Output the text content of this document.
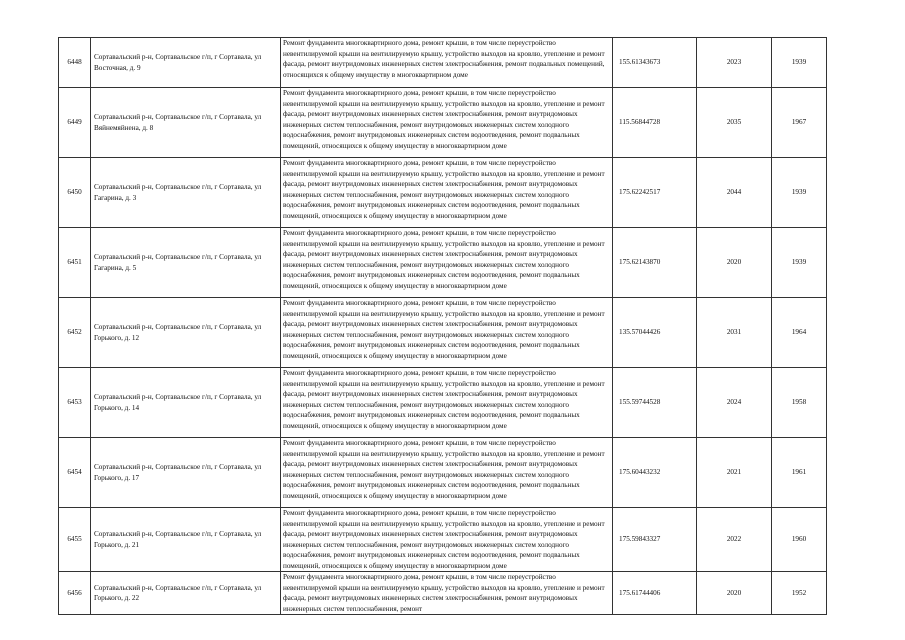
6448	Сортавальский р-н, Сортавальское г/п, г Сортавала, ул Восточная, д. 9	Ремонт фундамента многоквартирного дома, ремонт крыши, в том числе переустройство невентилируемой крыши на вентилируемую крышу, устройство выходов на кровлю, утепление и ремонт фасада, ремонт внутридомовых инженерных систем электроснабжения, ремонт подвальных помещений, относящихся к общему имуществу в многоквартирном доме	155.61343673	2023	1939
6449	Сортавальский р-н, Сортавальское г/п, г Сортавала, ул Вяйнемяйнена, д. 8	Ремонт фундамента многоквартирного дома, ремонт крыши, в том числе переустройство невентилируемой крыши на вентилируемую крышу, устройство выходов на кровлю, утепление и ремонт фасада, ремонт внутридомовых инженерных систем электроснабжения, ремонт внутридомовых инженерных систем теплоснабжения, ремонт внутридомовых инженерных систем холодного водоснабжения, ремонт внутридомовых инженерных систем водоотведения, ремонт подвальных помещений, относящихся к общему имуществу в многоквартирном доме	115.56844728	2035	1967
6450	Сортавальский р-н, Сортавальское г/п, г Сортавала, ул Гагарина, д. 3	Ремонт фундамента многоквартирного дома, ремонт крыши, в том числе переустройство невентилируемой крыши на вентилируемую крышу, устройство выходов на кровлю, утепление и ремонт фасада, ремонт внутридомовых инженерных систем электроснабжения, ремонт внутридомовых инженерных систем теплоснабжения, ремонт внутридомовых инженерных систем холодного водоснабжения, ремонт внутридомовых инженерных систем водоотведения, ремонт подвальных помещений, относящихся к общему имуществу в многоквартирном доме	175.62242517	2044	1939
6451	Сортавальский р-н, Сортавальское г/п, г Сортавала, ул Гагарина, д. 5	Ремонт фундамента многоквартирного дома, ремонт крыши, в том числе переустройство невентилируемой крыши на вентилируемую крышу, устройство выходов на кровлю, утепление и ремонт фасада, ремонт внутридомовых инженерных систем электроснабжения, ремонт внутридомовых инженерных систем теплоснабжения, ремонт внутридомовых инженерных систем холодного водоснабжения, ремонт внутридомовых инженерных систем водоотведения, ремонт подвальных помещений, относящихся к общему имуществу в многоквартирном доме	175.62143870	2020	1939
6452	Сортавальский р-н, Сортавальское г/п, г Сортавала, ул Горького, д. 12	Ремонт фундамента многоквартирного дома, ремонт крыши, в том числе переустройство невентилируемой крыши на вентилируемую крышу, устройство выходов на кровлю, утепление и ремонт фасада, ремонт внутридомовых инженерных систем электроснабжения, ремонт внутридомовых инженерных систем теплоснабжения, ремонт внутридомовых инженерных систем холодного водоснабжения, ремонт внутридомовых инженерных систем водоотведения, ремонт подвальных помещений, относящихся к общему имуществу в многоквартирном доме	135.57044426	2031	1964
6453	Сортавальский р-н, Сортавальское г/п, г Сортавала, ул Горького, д. 14	Ремонт фундамента многоквартирного дома, ремонт крыши, в том числе переустройство невентилируемой крыши на вентилируемую крышу, устройство выходов на кровлю, утепление и ремонт фасада, ремонт внутридомовых инженерных систем электроснабжения, ремонт внутридомовых инженерных систем теплоснабжения, ремонт внутридомовых инженерных систем холодного водоснабжения, ремонт внутридомовых инженерных систем водоотведения, ремонт подвальных помещений, относящихся к общему имуществу в многоквартирном доме	155.59744528	2024	1958
6454	Сортавальский р-н, Сортавальское г/п, г Сортавала, ул Горького, д. 17	Ремонт фундамента многоквартирного дома, ремонт крыши, в том числе переустройство невентилируемой крыши на вентилируемую крышу, устройство выходов на кровлю, утепление и ремонт фасада, ремонт внутридомовых инженерных систем электроснабжения, ремонт внутридомовых инженерных систем теплоснабжения, ремонт внутридомовых инженерных систем холодного водоснабжения, ремонт внутридомовых инженерных систем водоотведения, ремонт подвальных помещений, относящихся к общему имуществу в многоквартирном доме	175.60443232	2021	1961
6455	Сортавальский р-н, Сортавальское г/п, г Сортавала, ул Горького, д. 21	Ремонт фундамента многоквартирного дома, ремонт крыши, в том числе переустройство невентилируемой крыши на вентилируемую крышу, устройство выходов на кровлю, утепление и ремонт фасада, ремонт внутридомовых инженерных систем электроснабжения, ремонт внутридомовых инженерных систем теплоснабжения, ремонт внутридомовых инженерных систем холодного водоснабжения, ремонт внутридомовых инженерных систем водоотведения, ремонт подвальных помещений, относящихся к общему имуществу в многоквартирном доме	175.59843327	2022	1960
6456	Сортавальский р-н, Сортавальское г/п, г Сортавала, ул Горького, д. 22	Ремонт фундамента многоквартирного дома, ремонт крыши, в том числе переустройство невентилируемой крыши на вентилируемую крышу, устройство выходов на кровлю, утепление и ремонт фасада, ремонт внутридомовых инженерных систем электроснабжения, ремонт внутридомовых инженерных систем теплоснабжения, ремонт	175.61744406	2020	1952
